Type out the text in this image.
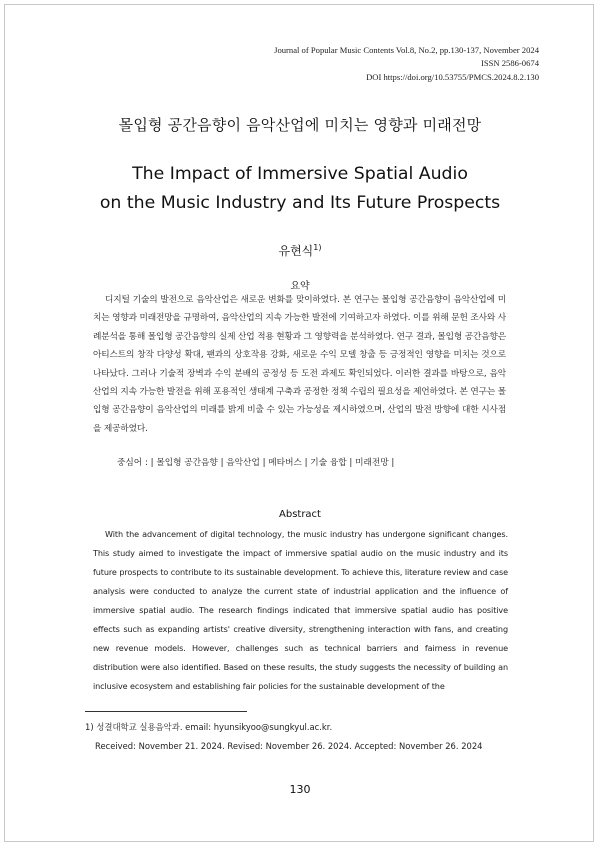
Journal of Popular Music Contents Vol.8, No.2, pp.130-137, November 2024
ISSN 2586-0674
DOI https://doi.org/10.53755/PMCS.2024.8.2.130
몰입형 공간음향이 음악산업에 미치는 영향과 미래전망
The Impact of Immersive Spatial Audio
on the Music Industry and Its Future Prospects
유현식$^{1)}$
요약
디지털 기술의 발전으로 음악산업은 새로운 변화를 맞이하였다. 본 연구는 몰입형 공간음향이 음악산업에 미치는 영향과 미래전망을 규명하여, 음악산업의 지속 가능한 발전에 기여하고자 하였다. 이를 위해 문헌 조사와 사례분석을 통해 몰입형 공간음향의 실제 산업 적용 현황과 그 영향력을 분석하였다. 연구 결과, 몰입형 공간음향은 아티스트의 창작 다양성 확대, 팬과의 상호작용 강화, 새로운 수익 모델 창출 등 긍정적인 영향을 미치는 것으로 나타났다. 그러나 기술적 장벽과 수익 분배의 공정성 등 도전 과제도 확인되었다. 이러한 결과를 바탕으로, 음악산업의 지속 가능한 발전을 위해 포용적인 생태계 구축과 공정한 정책 수립의 필요성을 제언하였다. 본 연구는 몰입형 공간음향이 음악산업의 미래를 밝게 비출 수 있는 가능성을 제시하였으며, 산업의 발전 방향에 대한 시사점을 제공하였다.
중심어 : | 몰입형 공간음향 | 음악산업 | 메타버스 | 기술 융합 | 미래전망 |
Abstract
With the advancement of digital technology, the music industry has undergone significant changes. This study aimed to investigate the impact of immersive spatial audio on the music industry and its future prospects to contribute to its sustainable development. To achieve this, literature review and case analysis were conducted to analyze the current state of industrial application and the influence of immersive spatial audio. The research findings indicated that immersive spatial audio has positive effects such as expanding artists' creative diversity, strengthening interaction with fans, and creating new revenue models. However, challenges such as technical barriers and fairness in revenue distribution were also identified. Based on these results, the study suggests the necessity of building an inclusive ecosystem and establishing fair policies for the sustainable development of the
1) 성결대학교 실용음악과. email: hyunsikyoo@sungkyul.ac.kr.
Received: November 21. 2024. Revised: November 26. 2024. Accepted: November 26. 2024
130
